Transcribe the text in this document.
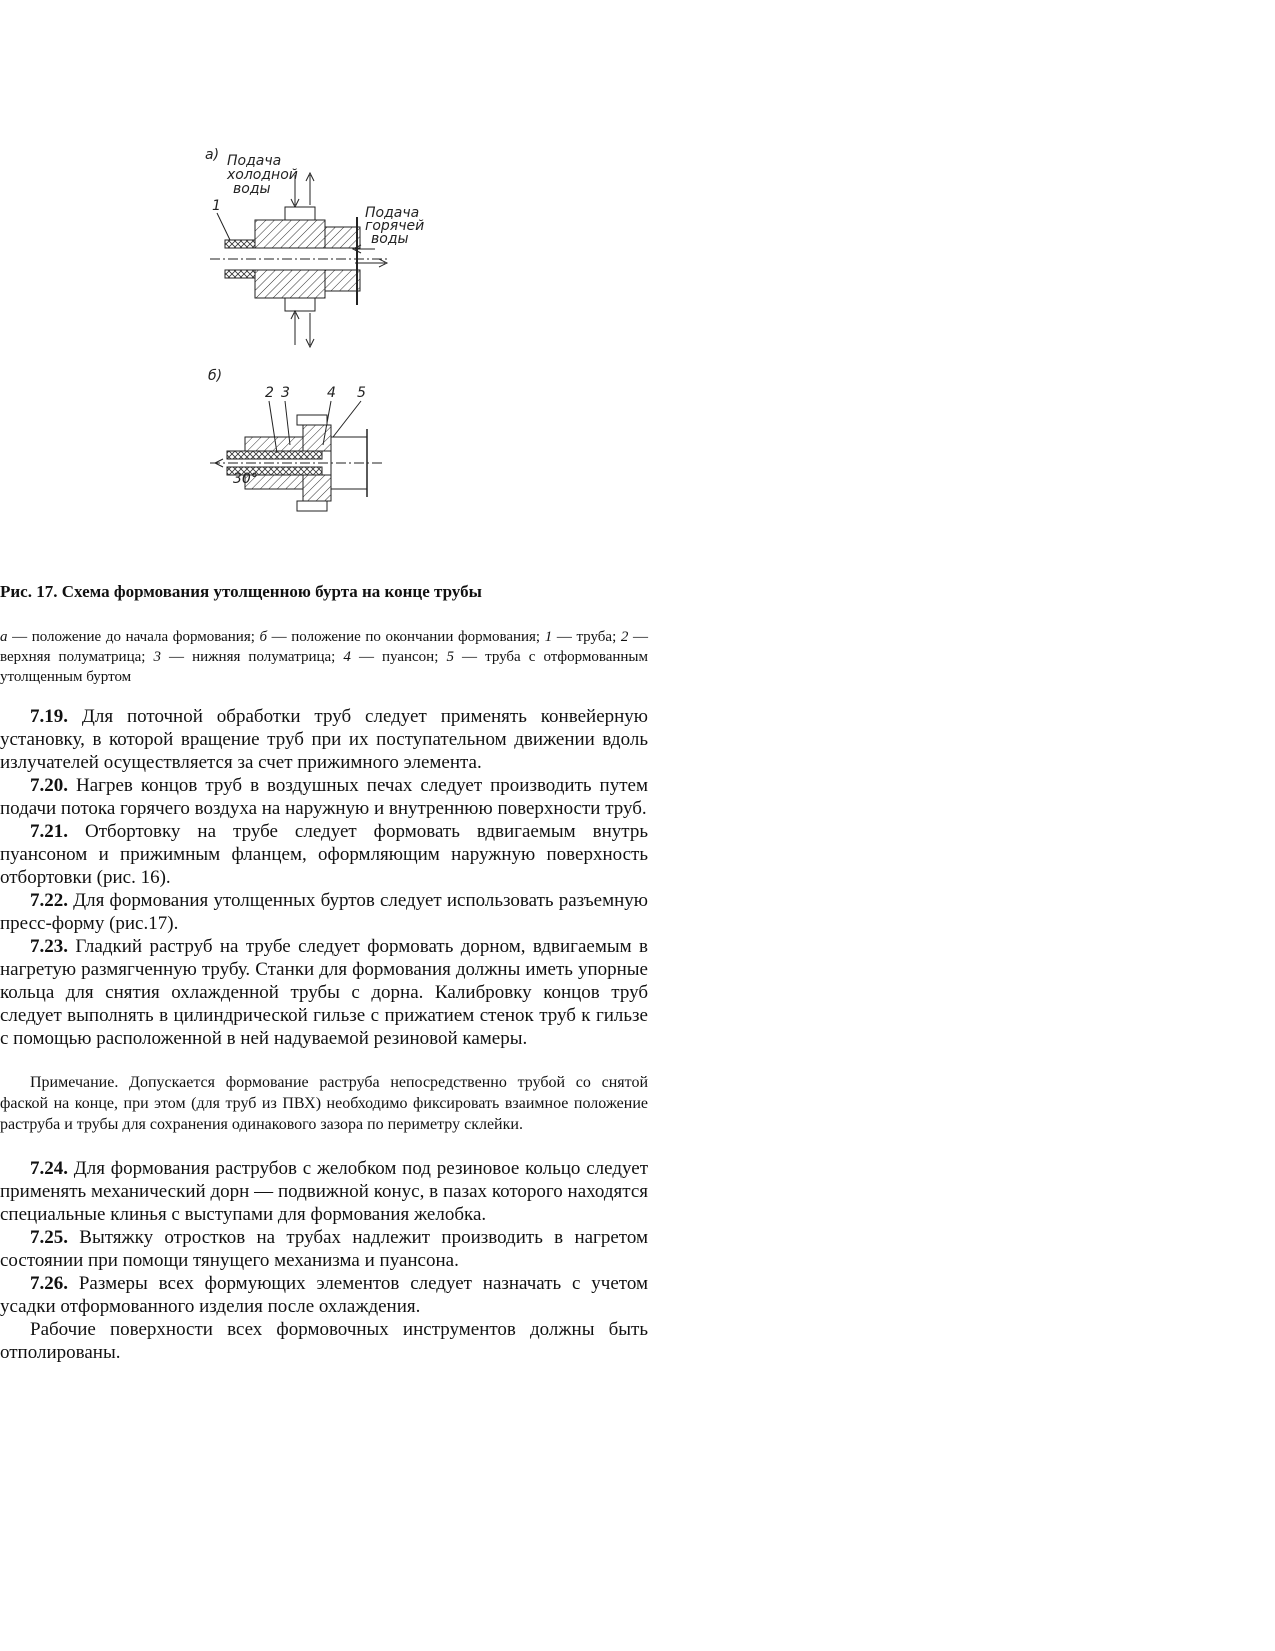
а) Подача
холодной
воды
Подача
горячей
воды
1
б)
2 3	4 5
30°
Рис. 17. Схема формования утолщенною бурта на конце трубы
а — положение до начала формования; б — положение по окончании формования; 1 — труба; 2 — верхняя полуматрица; 3 — нижняя полуматрица; 4 — пуансон; 5 — труба с отформованным утолщенным буртом

7.19. Для поточной обработки труб следует применять конвейерную установку, в которой вращение труб при их поступательном движении вдоль излучателей осуществляется за счет прижимного элемента.

7.20. Нагрев концов труб в воздушных печах следует производить путем подачи потока горячего воздуха на наружную и внутреннюю поверхности труб.

7.21. Отбортовку на трубе следует формовать вдвигаемым внутрь пуансоном и прижимным фланцем, оформляющим наружную поверхность отбортовки (рис. 16).

7.22. Для формования утолщенных буртов следует использовать разъемную пресс-форму (рис.17).

7.23. Гладкий раструб на трубе следует формовать дорном, вдвигаемым в нагретую размягченную трубу. Станки для формования должны иметь упорные кольца для снятия охлажденной трубы с дорна. Калибровку концов труб следует выполнять в цилиндрической гильзе с прижатием стенок труб к гильзе с помощью расположенной в ней надуваемой резиновой камеры.

Примечание. Допускается формование раструба непосредственно трубой со снятой фаской на конце, при этом (для труб из ПВХ) необходимо фиксировать взаимное положение раструба и трубы для сохранения одинакового зазора по периметру склейки.

7.24. Для формования раструбов с желобком под резиновое кольцо следует применять механический дорн — подвижной конус, в пазах которого находятся специальные клинья с выступами для формования желобка.

7.25. Вытяжку отростков на трубах надлежит производить в нагретом состоянии при помощи тянущего механизма и пуансона.

7.26. Размеры всех формующих элементов следует назначать с учетом усадки отформованного изделия после охлаждения.

Рабочие поверхности всех формовочных инструментов должны быть отполированы.
